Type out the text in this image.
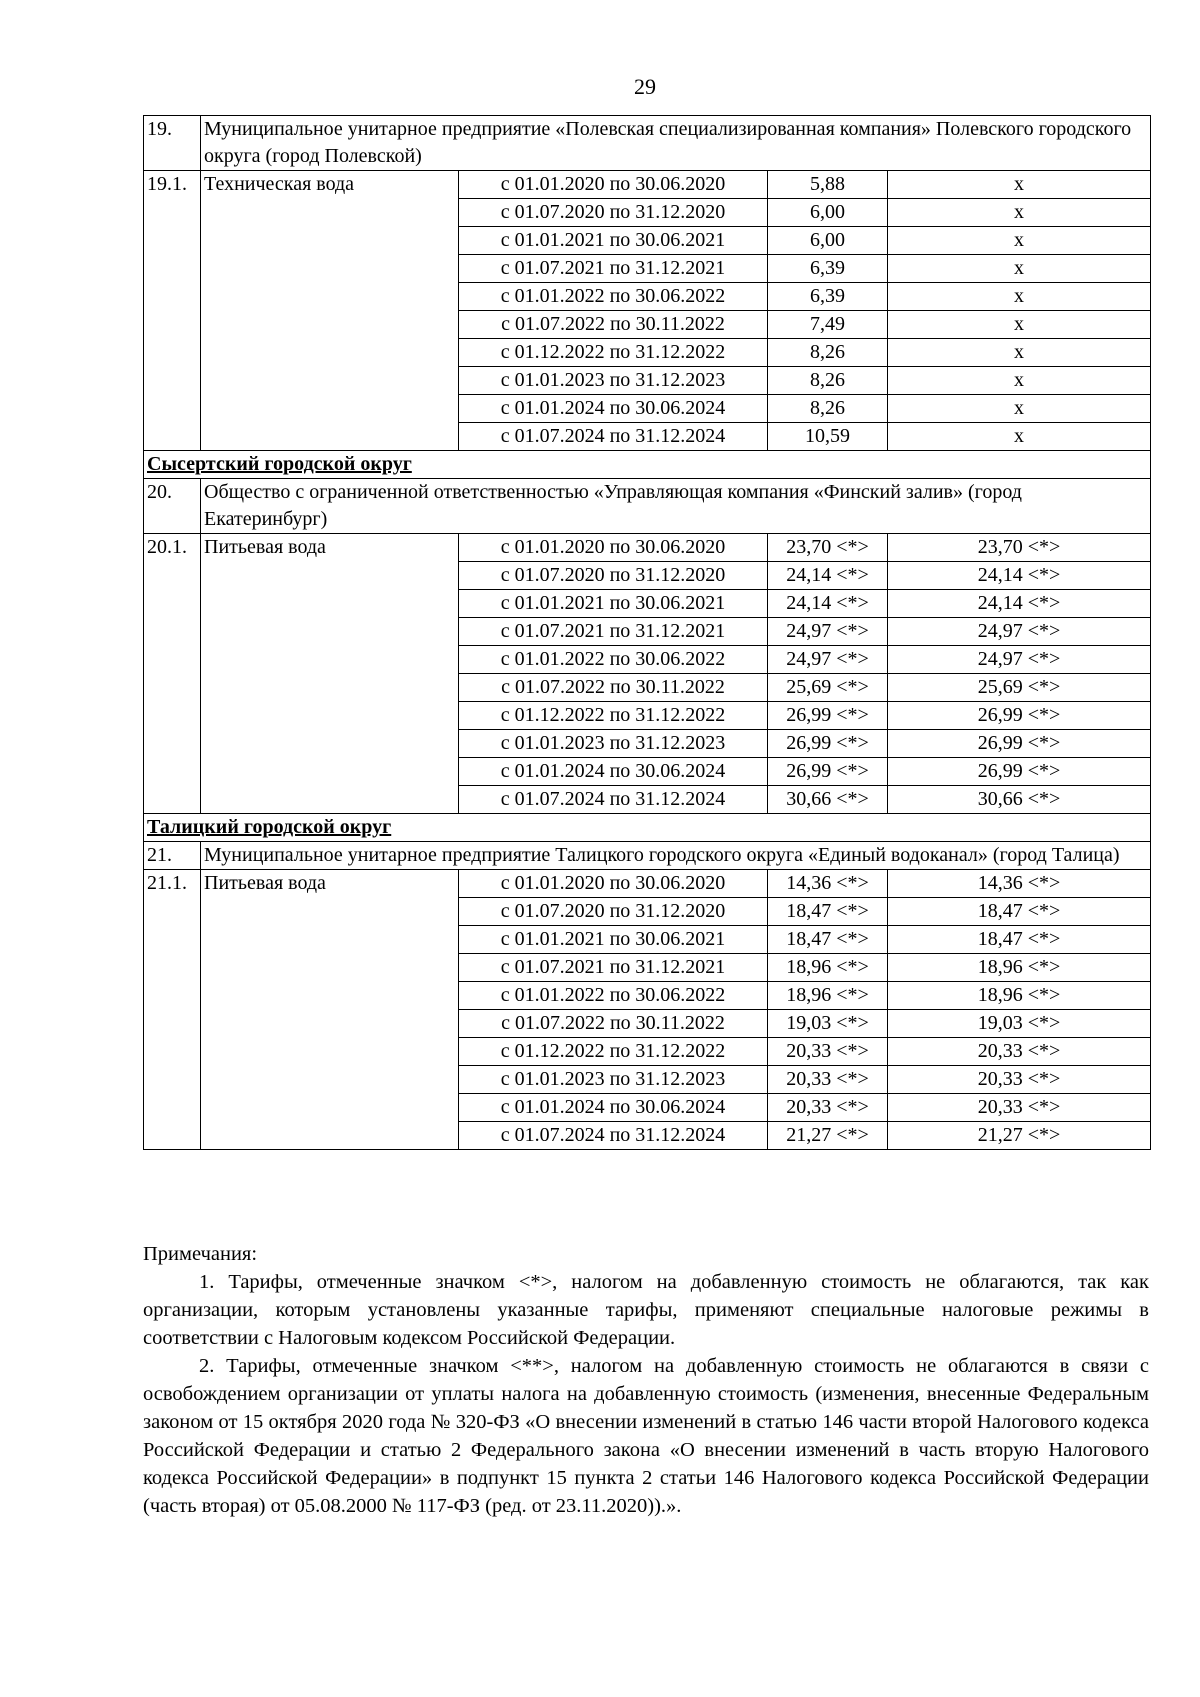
29
19.	Муниципальное унитарное предприятие «Полевская специализированная компания» Полевского городского округа (город Полевской)			
19.1.	Техническая вода	с 01.01.2020 по 30.06.2020	5,88	х
		с 01.07.2020 по 31.12.2020	6,00	х
		с 01.01.2021 по 30.06.2021	6,00	х
		с 01.07.2021 по 31.12.2021	6,39	х
		с 01.01.2022 по 30.06.2022	6,39	х
		с 01.07.2022 по 30.11.2022	7,49	х
		с 01.12.2022 по 31.12.2022	8,26	х
		с 01.01.2023 по 31.12.2023	8,26	х
		с 01.01.2024 по 30.06.2024	8,26	х
		с 01.07.2024 по 31.12.2024	10,59	х
Сысертский городской округ				
20.	Общество с ограниченной ответственностью «Управляющая компания «Финский залив» (город Екатеринбург)			
20.1.	Питьевая вода	с 01.01.2020 по 30.06.2020	23,70 <*>	23,70 <*>
		с 01.07.2020 по 31.12.2020	24,14 <*>	24,14 <*>
		с 01.01.2021 по 30.06.2021	24,14 <*>	24,14 <*>
		с 01.07.2021 по 31.12.2021	24,97 <*>	24,97 <*>
		с 01.01.2022 по 30.06.2022	24,97 <*>	24,97 <*>
		с 01.07.2022 по 30.11.2022	25,69 <*>	25,69 <*>
		с 01.12.2022 по 31.12.2022	26,99 <*>	26,99 <*>
		с 01.01.2023 по 31.12.2023	26,99 <*>	26,99 <*>
		с 01.01.2024 по 30.06.2024	26,99 <*>	26,99 <*>
		с 01.07.2024 по 31.12.2024	30,66 <*>	30,66 <*>
Талицкий городской округ				
21.	Муниципальное унитарное предприятие Талицкого городского округа «Единый водоканал» (город Талица)			
21.1.	Питьевая вода	с 01.01.2020 по 30.06.2020	14,36 <*>	14,36 <*>
		с 01.07.2020 по 31.12.2020	18,47 <*>	18,47 <*>
		с 01.01.2021 по 30.06.2021	18,47 <*>	18,47 <*>
		с 01.07.2021 по 31.12.2021	18,96 <*>	18,96 <*>
		с 01.01.2022 по 30.06.2022	18,96 <*>	18,96 <*>
		с 01.07.2022 по 30.11.2022	19,03 <*>	19,03 <*>
		с 01.12.2022 по 31.12.2022	20,33 <*>	20,33 <*>
		с 01.01.2023 по 31.12.2023	20,33 <*>	20,33 <*>
		с 01.01.2024 по 30.06.2024	20,33 <*>	20,33 <*>
		с 01.07.2024 по 31.12.2024	21,27 <*>	21,27 <*>

Примечания:

1. Тарифы, отмеченные значком <*>, налогом на добавленную стоимость не облагаются, так как организации, которым установлены указанные тарифы, применяют специальные налоговые режимы в соответствии с Налоговым кодексом Российской Федерации.

2. Тарифы, отмеченные значком <**>, налогом на добавленную стоимость не облагаются в связи с освобождением организации от уплаты налога на добавленную стоимость (изменения, внесенные Федеральным законом от 15 октября 2020 года № 320-ФЗ «О внесении изменений в статью 146 части второй Налогового кодекса Российской Федерации и статью 2 Федерального закона «О внесении изменений в часть вторую Налогового кодекса Российской Федерации» в подпункт 15 пункта 2 статьи 146 Налогового кодекса Российской Федерации (часть вторая) от 05.08.2000 № 117-ФЗ (ред. от 23.11.2020)).».
